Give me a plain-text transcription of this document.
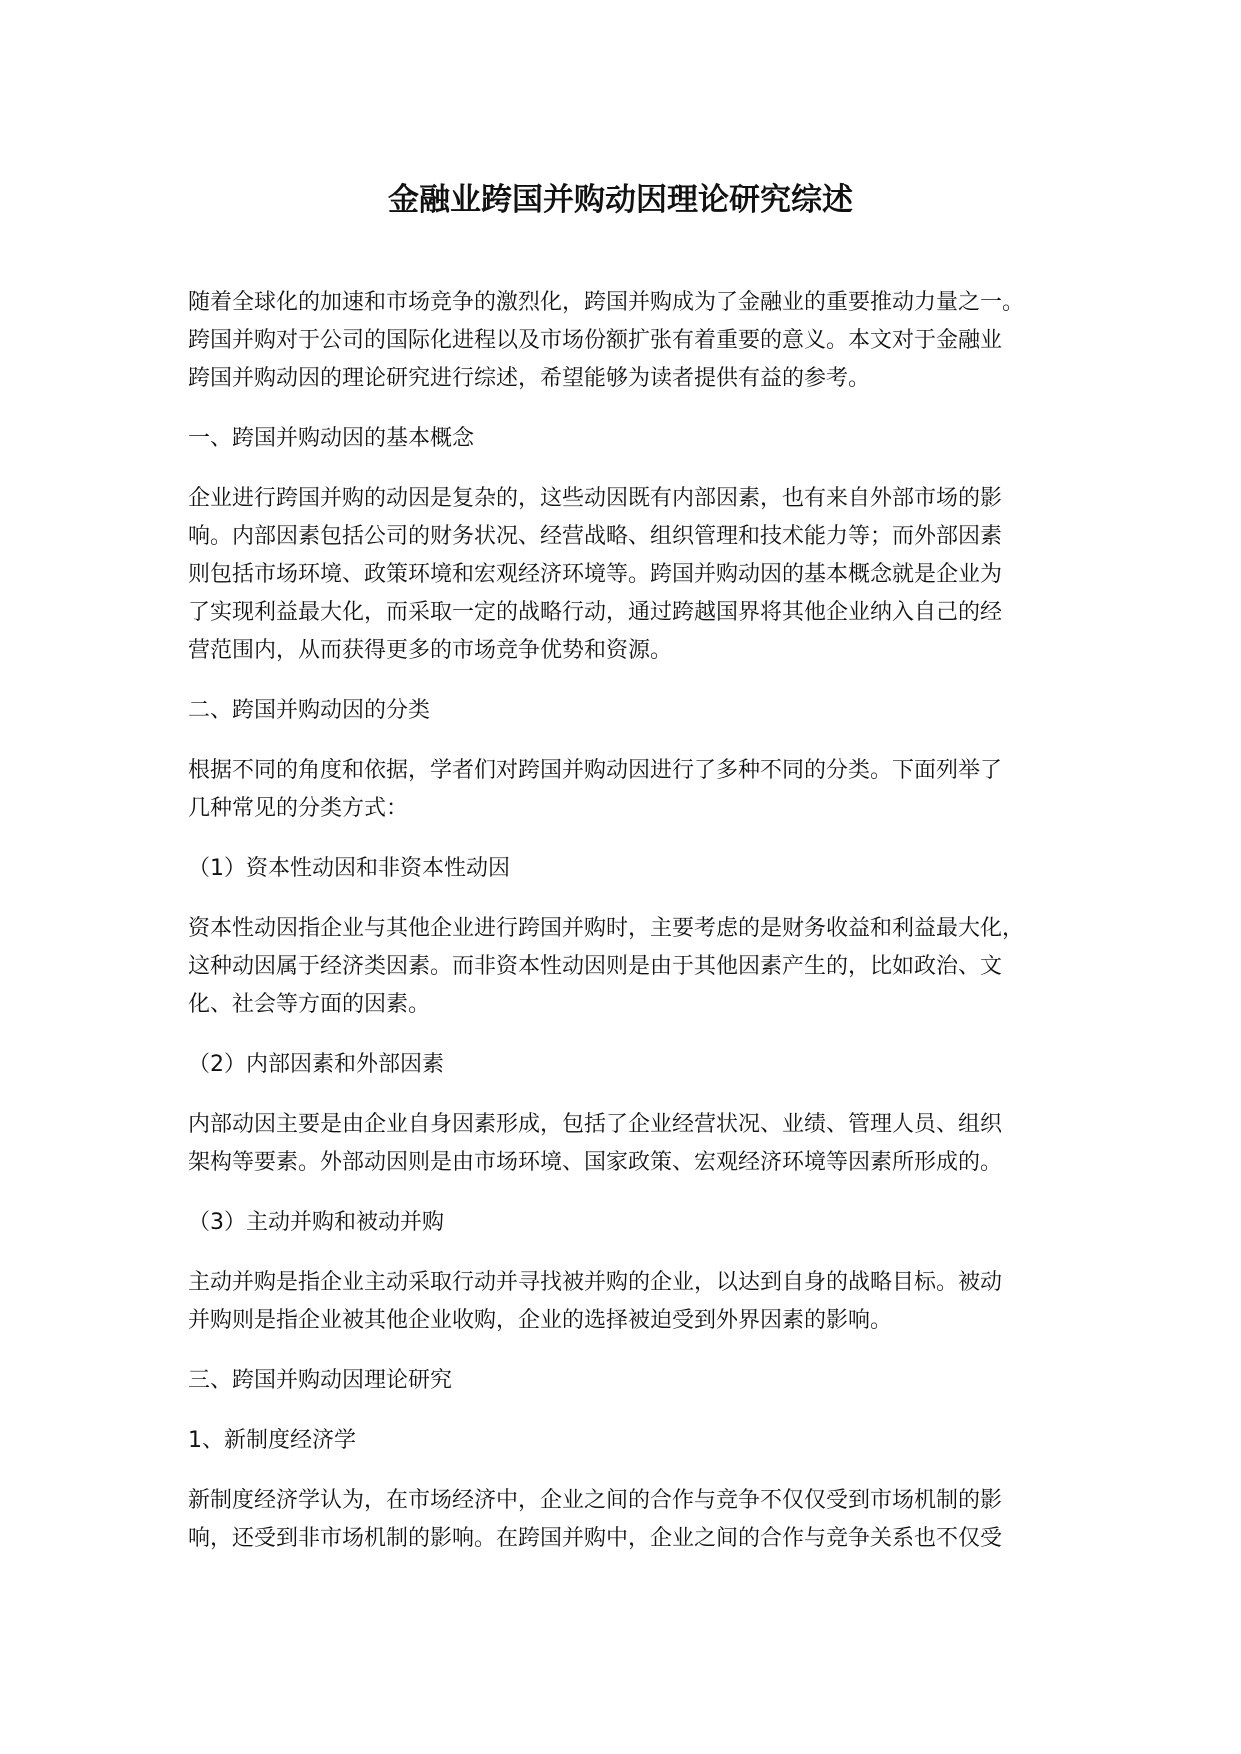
金融业跨国并购动因理论研究综述
随着全球化的加速和市场竞争的激烈化，跨国并购成为了金融业的重要推动力量之一。
跨国并购对于公司的国际化进程以及市场份额扩张有着重要的意义。本文对于金融业
跨国并购动因的理论研究进行综述，希望能够为读者提供有益的参考。
一、跨国并购动因的基本概念
企业进行跨国并购的动因是复杂的，这些动因既有内部因素，也有来自外部市场的影
响。内部因素包括公司的财务状况、经营战略、组织管理和技术能力等；而外部因素
则包括市场环境、政策环境和宏观经济环境等。跨国并购动因的基本概念就是企业为
了实现利益最大化，而采取一定的战略行动，通过跨越国界将其他企业纳入自己的经
营范围内，从而获得更多的市场竞争优势和资源。
二、跨国并购动因的分类
根据不同的角度和依据，学者们对跨国并购动因进行了多种不同的分类。下面列举了
几种常见的分类方式：
（1）资本性动因和非资本性动因
资本性动因指企业与其他企业进行跨国并购时，主要考虑的是财务收益和利益最大化，
这种动因属于经济类因素。而非资本性动因则是由于其他因素产生的，比如政治、文
化、社会等方面的因素。
（2）内部因素和外部因素
内部动因主要是由企业自身因素形成，包括了企业经营状况、业绩、管理人员、组织
架构等要素。外部动因则是由市场环境、国家政策、宏观经济环境等因素所形成的。
（3）主动并购和被动并购
主动并购是指企业主动采取行动并寻找被并购的企业，以达到自身的战略目标。被动
并购则是指企业被其他企业收购，企业的选择被迫受到外界因素的影响。
三、跨国并购动因理论研究
1、新制度经济学
新制度经济学认为，在市场经济中，企业之间的合作与竞争不仅仅受到市场机制的影
响，还受到非市场机制的影响。在跨国并购中，企业之间的合作与竞争关系也不仅受
